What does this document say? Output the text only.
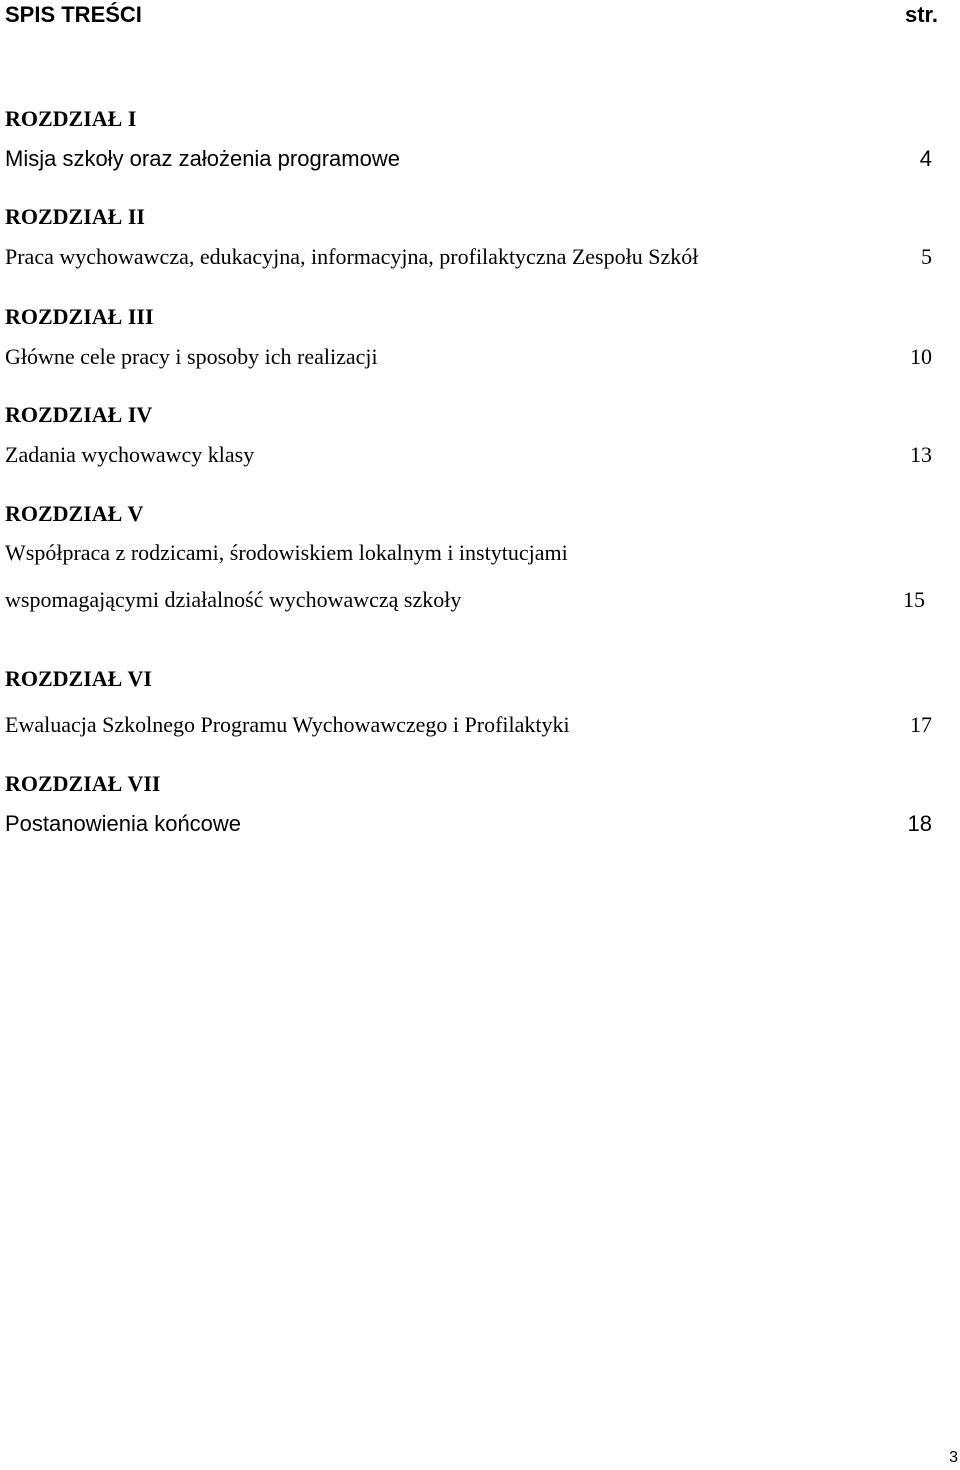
SPIS TREŚCI	str.
ROZDZIAŁ I
Misja szkoły oraz założenia programowe	4
ROZDZIAŁ II
Praca wychowawcza, edukacyjna, informacyjna, profilaktyczna Zespołu Szkół	5
ROZDZIAŁ III
Główne cele pracy i sposoby ich realizacji	10
ROZDZIAŁ IV
Zadania wychowawcy klasy	13
ROZDZIAŁ V
Współpraca z rodzicami, środowiskiem lokalnym i instytucjami
wspomagającymi działalność wychowawczą szkoły	15
ROZDZIAŁ VI
Ewaluacja Szkolnego Programu Wychowawczego i Profilaktyki	17
ROZDZIAŁ VII
Postanowienia końcowe	18
3
